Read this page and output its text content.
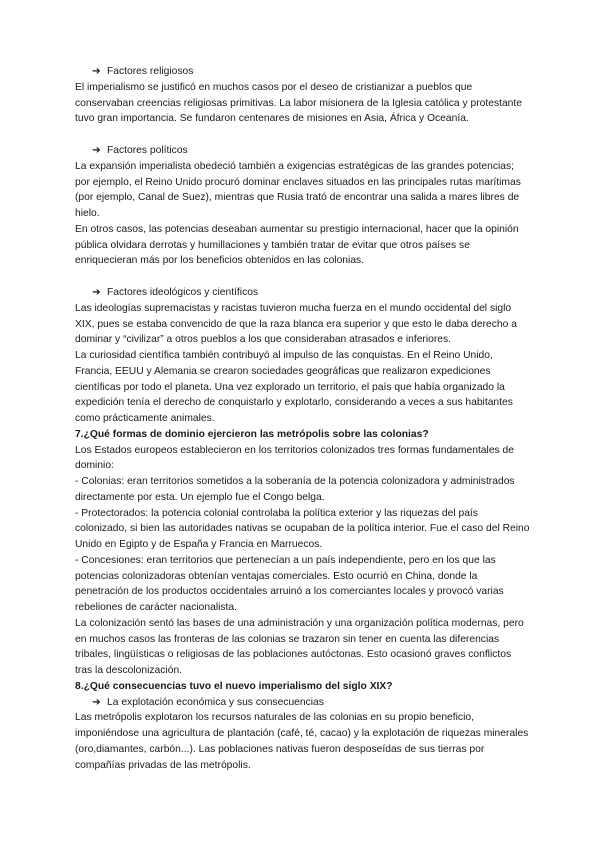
➔ Factores religiosos

El imperialismo se justificó en muchos casos por el deseo de cristianizar a pueblos que conservaban creencias religiosas primitivas. La labor misionera de la Iglesia católica y protestante tuvo gran importancia. Se fundaron centenares de misiones en Asia, África y Oceanía.

➔ Factores políticos

La expansión imperialista obedeció también a exigencias estratégicas de las grandes potencias; por ejemplo, el Reino Unido procuró dominar enclaves situados en las principales rutas marítimas (por ejemplo, Canal de Suez), mientras que Rusia trató de encontrar una salida a mares libres de hielo.

En otros casos, las potencias deseaban aumentar su prestigio internacional, hacer que la opinión pública olvidara derrotas y humillaciones y también tratar de evitar que otros países se enriquecieran más por los beneficios obtenidos en las colonias.

➔ Factores ideológicos y científicos

Las ideologías supremacistas y racistas tuvieron mucha fuerza en el mundo occidental del siglo XIX, pues se estaba convencido de que la raza blanca era superior y que esto le daba derecho a dominar y “civilizar” a otros pueblos a los que consideraban atrasados e inferiores.

La curiosidad científica también contribuyó al impulso de las conquistas. En el Reino Unido, Francia, EEUU y Alemania se crearon sociedades geográficas que realizaron expediciones científicas por todo el planeta. Una vez explorado un territorio, el país que había organizado la expedición tenía el derecho de conquistarlo y explotarlo, considerando a veces a sus habitantes como prácticamente animales.

7.¿Qué formas de dominio ejercieron las metrópolis sobre las colonias?

Los Estados europeos establecieron en los territorios colonizados tres formas fundamentales de dominio:

- Colonias: eran territorios sometidos a la soberanía de la potencia colonizadora y administrados directamente por esta. Un ejemplo fue el Congo belga.

- Protectorados: la potencia colonial controlaba la política exterior y las riquezas del país colonizado, si bien las autoridades nativas se ocupaban de la política interior. Fue el caso del Reino Unido en Egipto y de España y Francia en Marruecos.

- Concesiones: eran territorios que pertenecían a un país independiente, pero en los que las potencias colonizadoras obtenían ventajas comerciales. Esto ocurrió en China, donde la penetración de los productos occidentales arruinó a los comerciantes locales y provocó varias rebeliones de carácter nacionalista.

La colonización sentó las bases de una administración y una organización política modernas, pero en muchos casos las fronteras de las colonias se trazaron sin tener en cuenta las diferencias tribales, lingüísticas o religiosas de las poblaciones autóctonas. Esto ocasionó graves conflictos tras la descolonización.

8.¿Qué consecuencias tuvo el nuevo imperialismo del siglo XIX?

➔ La explotación económica y sus consecuencias

Las metrópolis explotaron los recursos naturales de las colonias en su propio beneficio, imponiéndose una agricultura de plantación (café, té, cacao) y la explotación de riquezas minerales (oro,diamantes, carbón...). Las poblaciones nativas fueron desposeídas de sus tierras por compañías privadas de las metrópolis.
